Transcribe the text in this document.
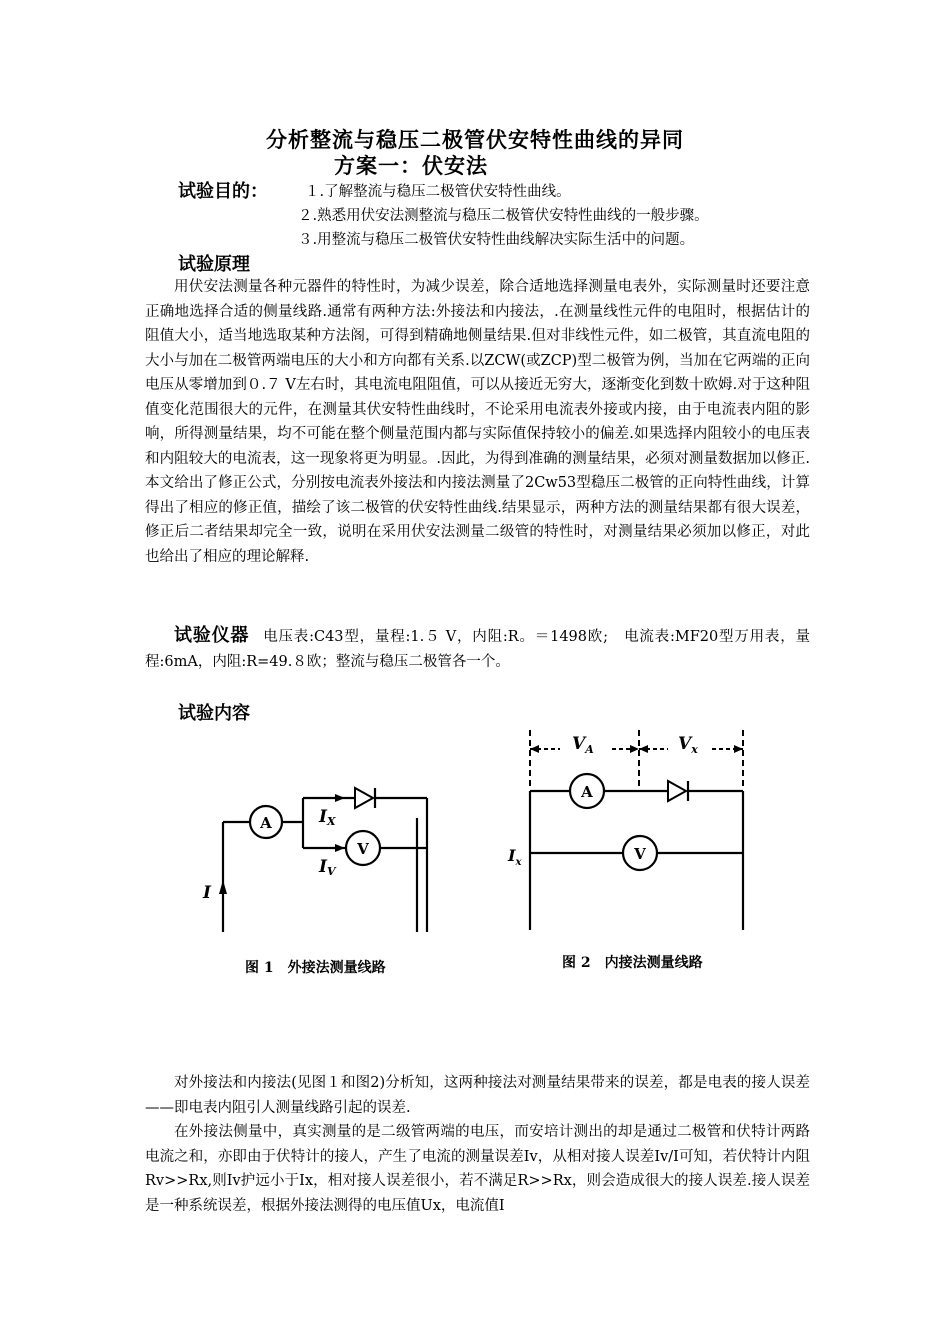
分析整流与稳压二极管伏安特性曲线的异同
方案一：伏安法
试验目的：	１.了解整流与稳压二极管伏安特性曲线。
２.熟悉用伏安法测整流与稳压二极管伏安特性曲线的一般步骤。
３.用整流与稳压二极管伏安特性曲线解决实际生活中的问题。
试验原理

用伏安法测量各种元器件的特性时，为减少误差，除合适地选择测量电表外，实际测量时还要注意正确地选择合适的侧量线路.通常有两种方法:外接法和内接法，.在测量线性元件的电阻时，根据估计的阻值大小，适当地选取某种方法阁，可得到精确地侧量结果.但对非线性元件，如二极管，其直流电阻的大小与加在二极管两端电压的大小和方向都有关系.以ZCW(或ZCP)型二极管为例，当加在它两端的正向电压从零增加到０.７ V左右时，其电流电阻阻值，可以从接近无穷大，逐渐变化到数十欧姆.对于这种阻值变化范围很大的元件，在测量其伏安特性曲线时，不论采用电流表外接或内接，由于电流表内阻的影响，所得测量结果，均不可能在整个侧量范围内都与实际值保持较小的偏差.如果选择内阻较小的电压表和内阻较大的电流表，这一现象将更为明显。.因此，为得到准确的测量结果，必须对测量数据加以修正.本文给出了修正公式，分别按电流表外接法和内接法测量了2Cw53型稳压二极管的正向特性曲线，计算得出了相应的修正值，描绘了该二极管的伏安特性曲线.结果显示，两种方法的测量结果都有很大误差，修正后二者结果却完全一致，说明在采用伏安法测量二级管的特性时，对测量结果必须加以修正，对此也给出了相应的理论解释.

试验仪器 电压表:C43型，量程:1.５ V，内阻:R。＝1498欧;　电流表:MF20型万用表，量程:6mA，内阻:R=49.８欧；整流与稳压二极管各一个。

试验内容
A
V
IX
IV
I
图 1　外接法测量线路
A
V
$V_A$	$V_x$
$I_x$
图 2　内接法测量线路

对外接法和内接法(见图１和图2)分析知，这两种接法对测量结果带来的误差，都是电表的接人误差——即电表内阻引人测量线路引起的误差.

在外接法侧量中，真实测量的是二级管两端的电压，而安培计测出的却是通过二极管和伏特计两路电流之和，亦即由于伏特计的接人，产生了电流的测量误差Iv，从相对接人误差Iv/I可知，若伏特计内阻Rv>>Rx,则Iv护远小于Ix，相对接人误差很小，若不满足R>>Rx，则会造成很大的接人误差.接人误差是一种系统误差，根据外接法测得的电压值Ux，电流值I
